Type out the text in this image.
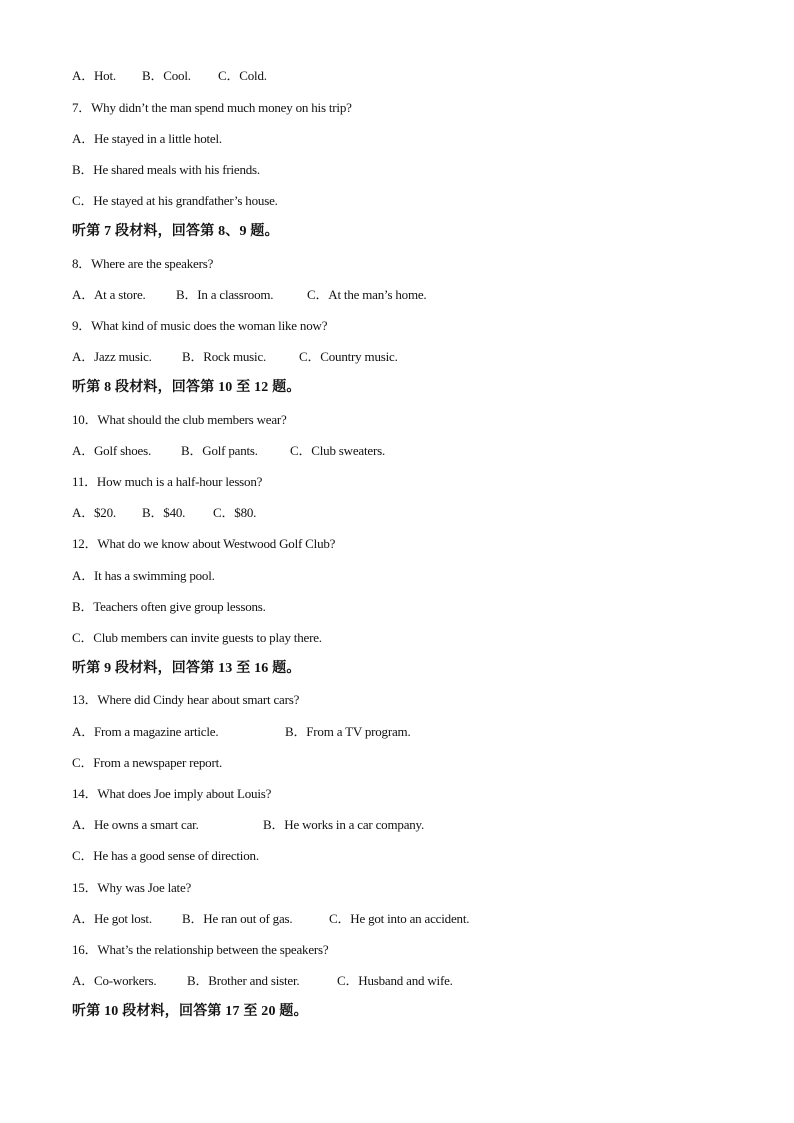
A．Hot. B．Cool. C．Cold.
7．Why didn’t the man spend much money on his trip?
A．He stayed in a little hotel.
B．He shared meals with his friends.
C．He stayed at his grandfather’s house.
听第 7 段材料，回答第 8、9 题。
8．Where are the speakers?
A．At a store. B．In a classroom.	C．At the man’s home.
9．What kind of music does the woman like now?
A．Jazz music. B．Rock music.	C．Country music.
听第 8 段材料，回答第 10 至 12 题。
10．What should the club members wear?
A．Golf shoes. B．Golf pants. C．Club sweaters.
11．How much is a half-hour lesson?
A．$20. B．$40. C．$80.
12．What do we know about Westwood Golf Club?
A．It has a swimming pool.
B．Teachers often give group lessons.
C．Club members can invite guests to play there.
听第 9 段材料，回答第 13 至 16 题。
13．Where did Cindy hear about smart cars?
A．From a magazine article.	B．From a TV program.
C．From a newspaper report.
14．What does Joe imply about Louis?
A．He owns a smart car.	B．He works in a car company.
C．He has a good sense of direction.
15．Why was Joe late?
A．He got lost. B．He ran out of gas.	C．He got into an accident.
16．What’s the relationship between the speakers?
A．Co-workers. B．Brother and sister.	C．Husband and wife.
听第 10 段材料，回答第 17 至 20 题。
